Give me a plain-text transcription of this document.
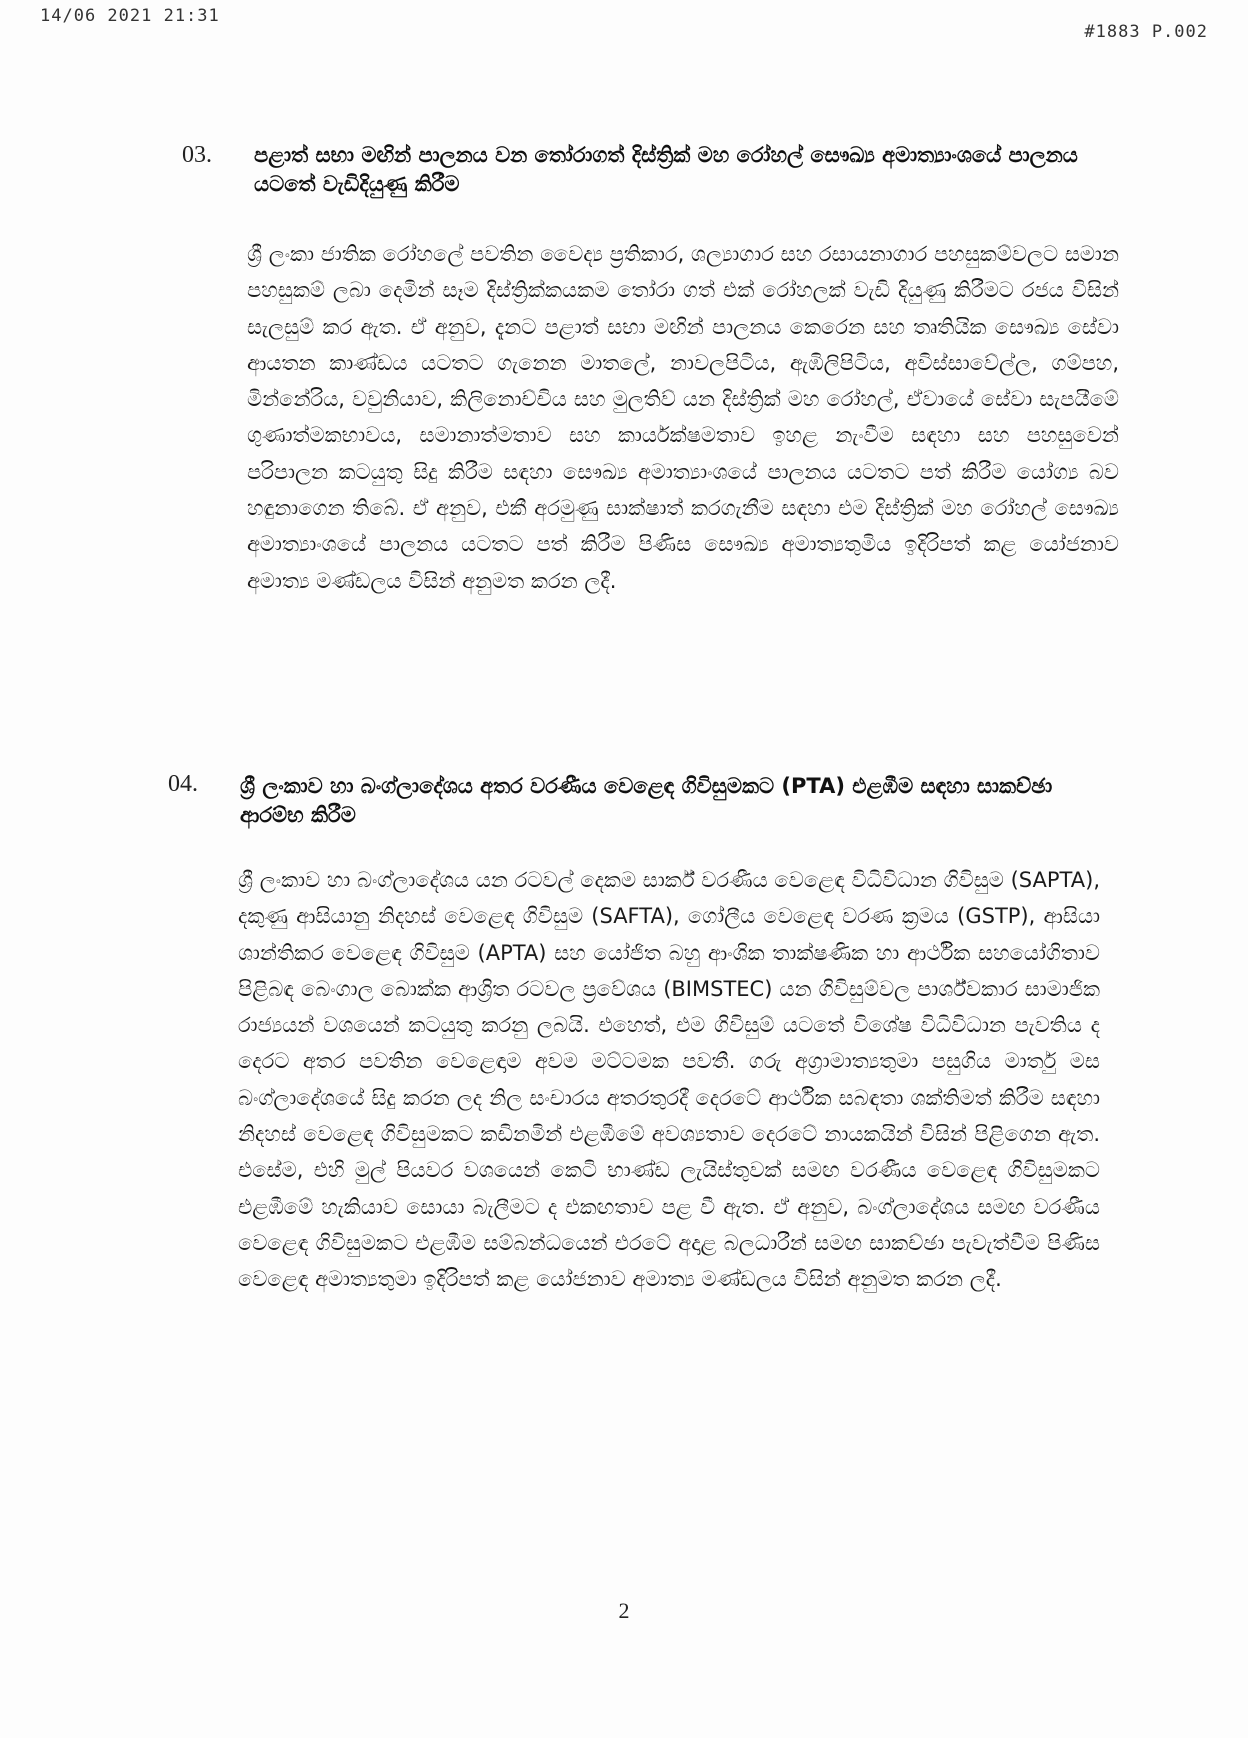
14/06 2021 21:31
#1883 P.002
03. පළාත් සභා මඟින් පාලනය වන තෝරාගත් දිස්ත්‍රික් මහ රෝහල් සෞඛ්‍ය අමාත්‍යාංශයේ පාලනය යටතේ වැඩිදියුණු කිරීම
ශ්‍රී ලංකා ජාතික රෝහලේ පවතින වෛද්‍ය ප්‍රතිකාර, ශල්‍යාගාර සහ රසායනාගාර පහසුකම්වලට සමාන පහසුකම් ලබා දෙමින් සෑම දිස්ත්‍රික්කයකම තෝරා ගත් එක් රෝහලක් වැඩි දියුණු කිරීමට රජය විසින් සැලසුම් කර ඇත. ඒ අනුව, දැනට පළාත් සභා මඟින් පාලනය කෙරෙන සහ තෘතියික සෞඛ්‍ය සේවා ආයතන කාණ්ඩය යටතට ගැනෙන මාතලේ, නාවලපිටිය, ඇඹිලිපිටිය, අවිස්සාවේල්ල, ගම්පහ, මින්නේරිය, වවුනියාව, කිලිනොච්චිය සහ මුලතිව් යන දිස්ත්‍රික් මහ රෝහල්, ඒවායේ සේවා සැපයීමේ ගුණාත්මකභාවය, සමානාත්මතාව සහ කාර්යක්ෂමතාව ඉහළ නැංවීම සඳහා සහ පහසුවෙන් පරිපාලන කටයුතු සිදු කිරීම සඳහා සෞඛ්‍ය අමාත්‍යාංශයේ පාලනය යටතට පත් කිරීම යෝග්‍ය බව හඳුනාගෙන තිබේ. ඒ අනුව, එකී අරමුණු සාක්ෂාත් කරගැනීම සඳහා එම දිස්ත්‍රික් මහ රෝහල් සෞඛ්‍ය අමාත්‍යාංශයේ පාලනය යටතට පත් කිරීම පිණිස සෞඛ්‍ය අමාත්‍යතුමිය ඉදිරිපත් කළ යෝජනාව අමාත්‍ය මණ්ඩලය විසින් අනුමත කරන ලදී.
04. ශ්‍රී ලංකාව හා බංග්ලාදේශය අතර වරණීය වෙළෙඳ ගිවිසුමකට (PTA) එළඹීම සඳහා සාකච්ඡා ආරම්භ කිරීම
ශ්‍රී ලංකාව හා බංග්ලාදේශය යන රටවල් දෙකම සාර්ක් වරණීය වෙළෙඳ විධිවිධාන ගිවිසුම (SAPTA), දකුණු ආසියානු නිදහස් වෙළෙඳ ගිවිසුම (SAFTA), ගෝලීය වෙළෙඳ වරණ ක්‍රමය (GSTP), ආසියා ශාන්තිකර වෙළෙඳ ගිවිසුම (APTA) සහ යෝජිත බහු ආංශික තාක්ෂණික හා ආර්ථික සහයෝගිතාව පිළිබඳ බෙංගාල බොක්ක ආශ්‍රිත රටවල ප්‍රවේශය (BIMSTEC) යන ගිවිසුම්වල පාර්ශ්වකාර සාමාජික රාජ්‍යයන් වශයෙන් කටයුතු කරනු ලබයි. එහෙත්, එම ගිවිසුම් යටතේ විශේෂ විධිවිධාන පැවතිය ද දෙරට අතර පවතින වෙළෙඳාම අවම මට්ටමක පවතී. ගරු අග්‍රාමාත්‍යතුමා පසුගිය මාර්තු මස බංග්ලාදේශයේ සිදු කරන ලද නිල සංචාරය අතරතුරදී දෙරටේ ආර්ථික සබඳතා ශක්තිමත් කිරීම සඳහා නිදහස් වෙළෙඳ ගිවිසුමකට කඩිනමින් එළඹීමේ අවශ්‍යතාව දෙරටේ නායකයින් විසින් පිළිගෙන ඇත. එසේම, එහි මුල් පියවර වශයෙන් කෙටි භාණ්ඩ ලැයිස්තුවක් සමඟ වරණීය වෙළෙඳ ගිවිසුමකට එළඹීමේ හැකියාව සොයා බැලීමට ද එකඟතාව පළ වී ඇත. ඒ අනුව, බංග්ලාදේශය සමඟ වරණීය වෙළෙඳ ගිවිසුමකට එළඹීම සම්බන්ධයෙන් එරටේ අදාළ බලධාරීන් සමඟ සාකච්ඡා පැවැත්වීම පිණිස වෙළෙඳ අමාත්‍යතුමා ඉදිරිපත් කළ යෝජනාව අමාත්‍ය මණ්ඩලය විසින් අනුමත කරන ලදී.
2
